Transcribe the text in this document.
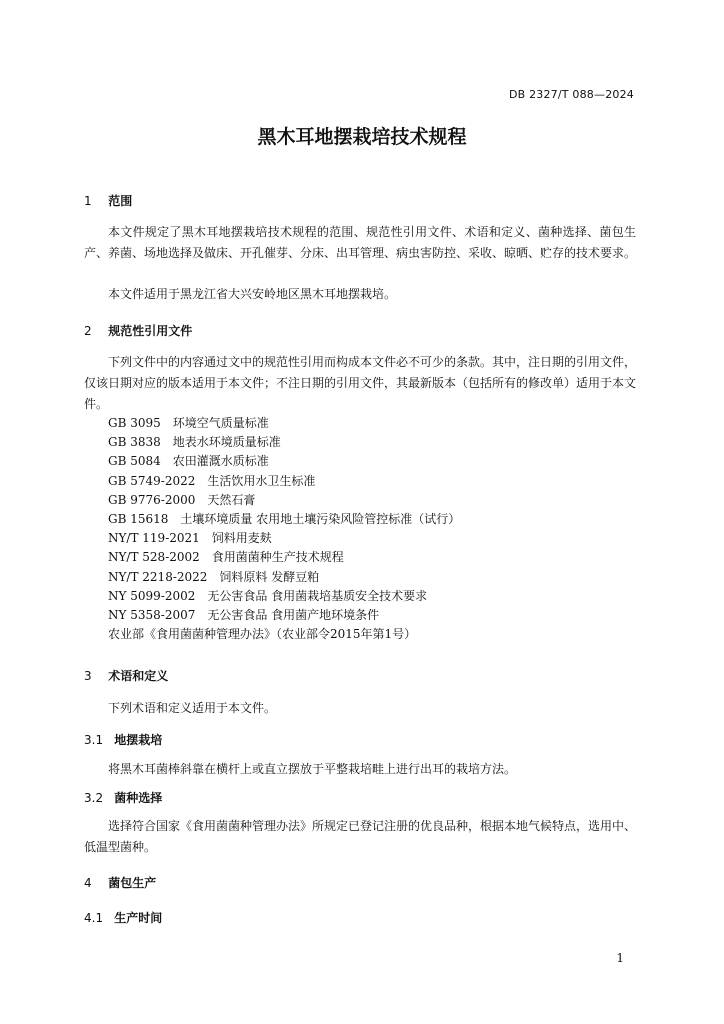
DB 2327/T 088—2024
黑木耳地摆栽培技术规程
1 范围

本文件规定了黑木耳地摆栽培技术规程的范围、规范性引用文件、术语和定义、菌种选择、菌包生产、养菌、场地选择及做床、开孔催芽、分床、出耳管理、病虫害防控、采收、晾晒、贮存的技术要求。

本文件适用于黑龙江省大兴安岭地区黑木耳地摆栽培。

2 规范性引用文件

下列文件中的内容通过文中的规范性引用而构成本文件必不可少的条款。其中，注日期的引用文件，仅该日期对应的版本适用于本文件；不注日期的引用文件，其最新版本（包括所有的修改单）适用于本文件。

GB 3095　环境空气质量标准
GB 3838　地表水环境质量标准
GB 5084　农田灌溉水质标准
GB 5749-2022　生活饮用水卫生标准
GB 9776-2000　天然石膏
GB 15618　土壤环境质量 农用地土壤污染风险管控标准（试行）
NY/T 119-2021　饲料用麦麸
NY/T 528-2002　食用菌菌种生产技术规程
NY/T 2218-2022　饲料原料 发酵豆粕
NY 5099-2002　无公害食品 食用菌栽培基质安全技术要求
NY 5358-2007　无公害食品 食用菌产地环境条件
农业部《食用菌菌种管理办法》（农业部令2015年第1号）
3 术语和定义

下列术语和定义适用于本文件。

3.1 地摆栽培

将黑木耳菌棒斜靠在横杆上或直立摆放于平整栽培畦上进行出耳的栽培方法。

3.2 菌种选择

选择符合国家《食用菌菌种管理办法》所规定已登记注册的优良品种，根据本地气候特点，选用中、低温型菌种。

4 菌包生产
4.1 生产时间
1
